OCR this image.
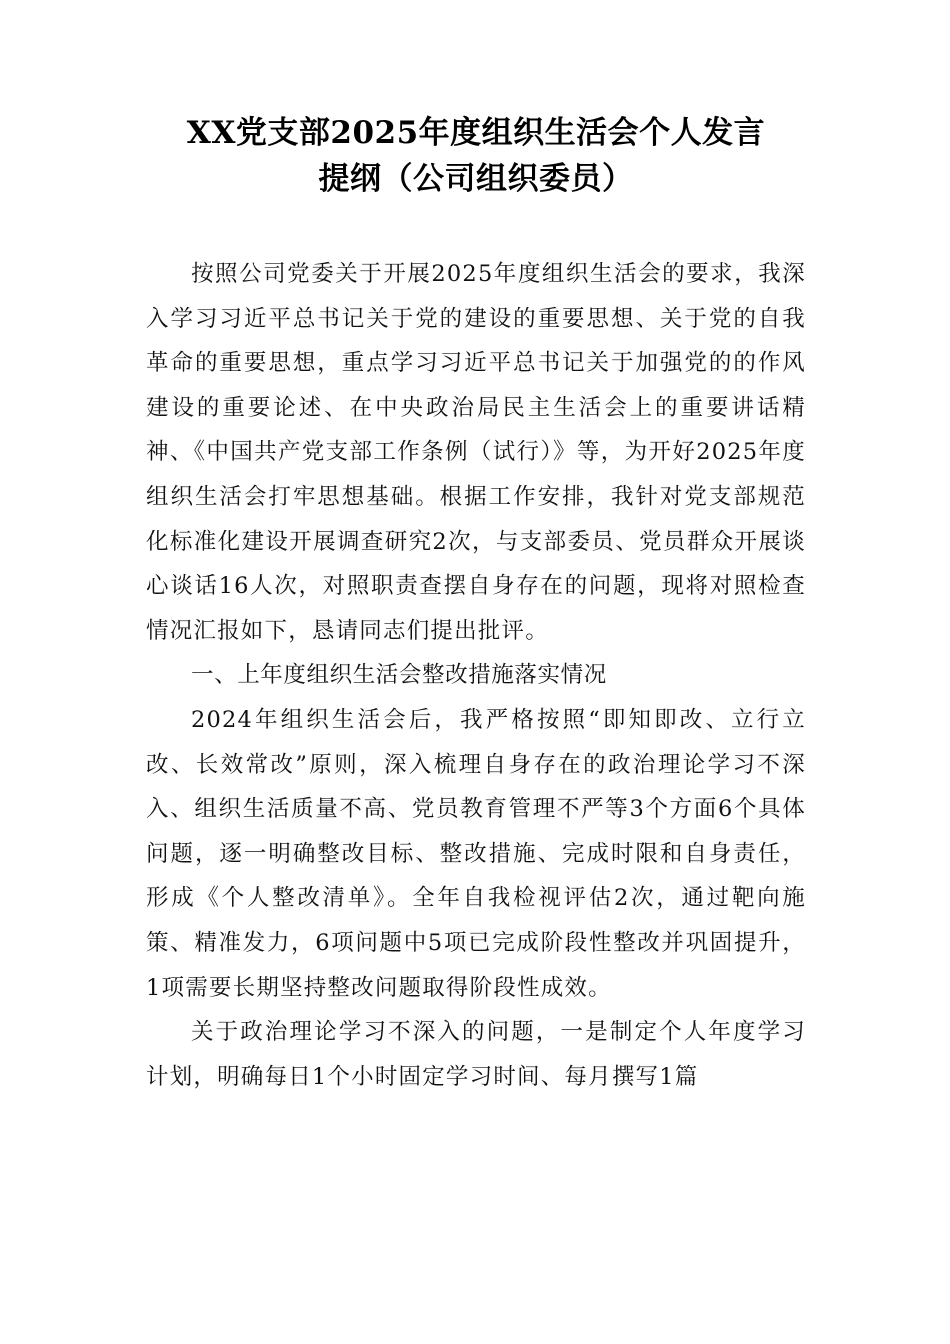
XX党支部2025年度组织生活会个人发言
提纲（公司组织委员）

按照公司党委关于开展2025年度组织生活会的要求，我深入学习习近平总书记关于党的建设的重要思想、关于党的自我革命的重要思想，重点学习习近平总书记关于加强党的的作风建设的重要论述、在中央政治局民主生活会上的重要讲话精神、《中国共产党支部工作条例（试行）》等，为开好2025年度组织生活会打牢思想基础。根据工作安排，我针对党支部规范化标准化建设开展调查研究2次，与支部委员、党员群众开展谈心谈话16人次，对照职责查摆自身存在的问题，现将对照检查情况汇报如下，恳请同志们提出批评。

一、上年度组织生活会整改措施落实情况

2024年组织生活会后，我严格按照“即知即改、立行立改、长效常改”原则，深入梳理自身存在的政治理论学习不深入、组织生活质量不高、党员教育管理不严等3个方面6个具体问题，逐一明确整改目标、整改措施、完成时限和自身责任，形成《个人整改清单》。全年自我检视评估2次，通过靶向施策、精准发力，6项问题中5项已完成阶段性整改并巩固提升，1项需要长期坚持整改问题取得阶段性成效。

关于政治理论学习不深入的问题，一是制定个人年度学习计划，明确每日1个小时固定学习时间、每月撰写1篇
